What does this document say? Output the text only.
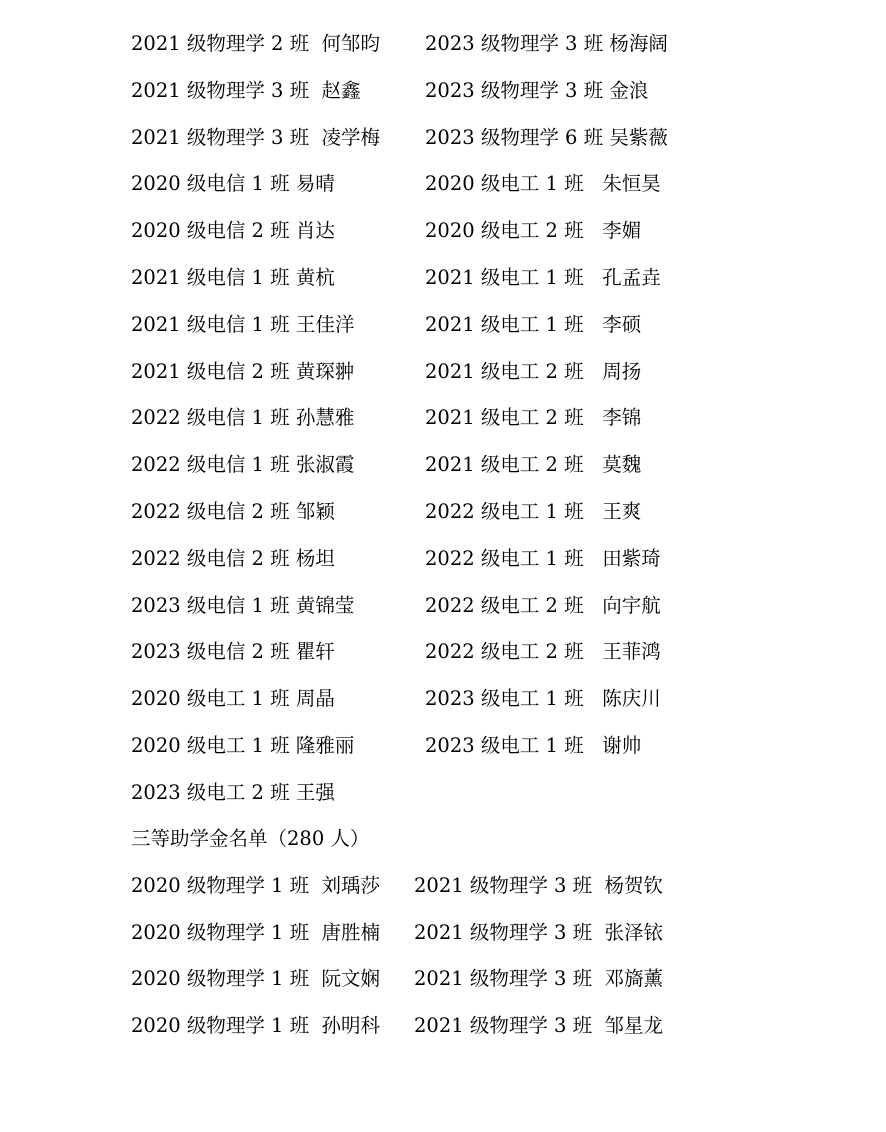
2021 级物理学 2 班  何邹昀 2023 级物理学 3 班 杨海阔
2021 级物理学 3 班  赵鑫	2023 级物理学 3 班 金浪
2021 级物理学 3 班  凌学梅 2023 级物理学 6 班 吴紫薇
2020 级电信 1 班 易晴	2020 级电工 1 班   朱恒昊
2020 级电信 2 班 肖达	2020 级电工 2 班   李媚
2021 级电信 1 班 黄杭	2021 级电工 1 班   孔孟垚
2021 级电信 1 班 王佳洋	2021 级电工 1 班   李硕
2021 级电信 2 班 黄琛翀	2021 级电工 2 班   周扬
2022 级电信 1 班 孙慧雅	2021 级电工 2 班   李锦
2022 级电信 1 班 张淑霞	2021 级电工 2 班   莫魏
2022 级电信 2 班 邹颖	2022 级电工 1 班   王爽
2022 级电信 2 班 杨坦	2022 级电工 1 班   田紫琦
2023 级电信 1 班 黄锦莹	2022 级电工 2 班   向宇航
2023 级电信 2 班 瞿轩	2022 级电工 2 班   王菲鸿
2020 级电工 1 班 周晶	2023 级电工 1 班   陈庆川
2020 级电工 1 班 隆雅丽	2023 级电工 1 班   谢帅
2023 级电工 2 班 王强
三等助学金名单（280 人）
2020 级物理学 1 班  刘瑀莎 2021 级物理学 3 班  杨贺钦
2020 级物理学 1 班  唐胜楠 2021 级物理学 3 班  张泽铱
2020 级物理学 1 班  阮文娴 2021 级物理学 3 班  邓旖薰
2020 级物理学 1 班  孙明科 2021 级物理学 3 班  邹星龙
